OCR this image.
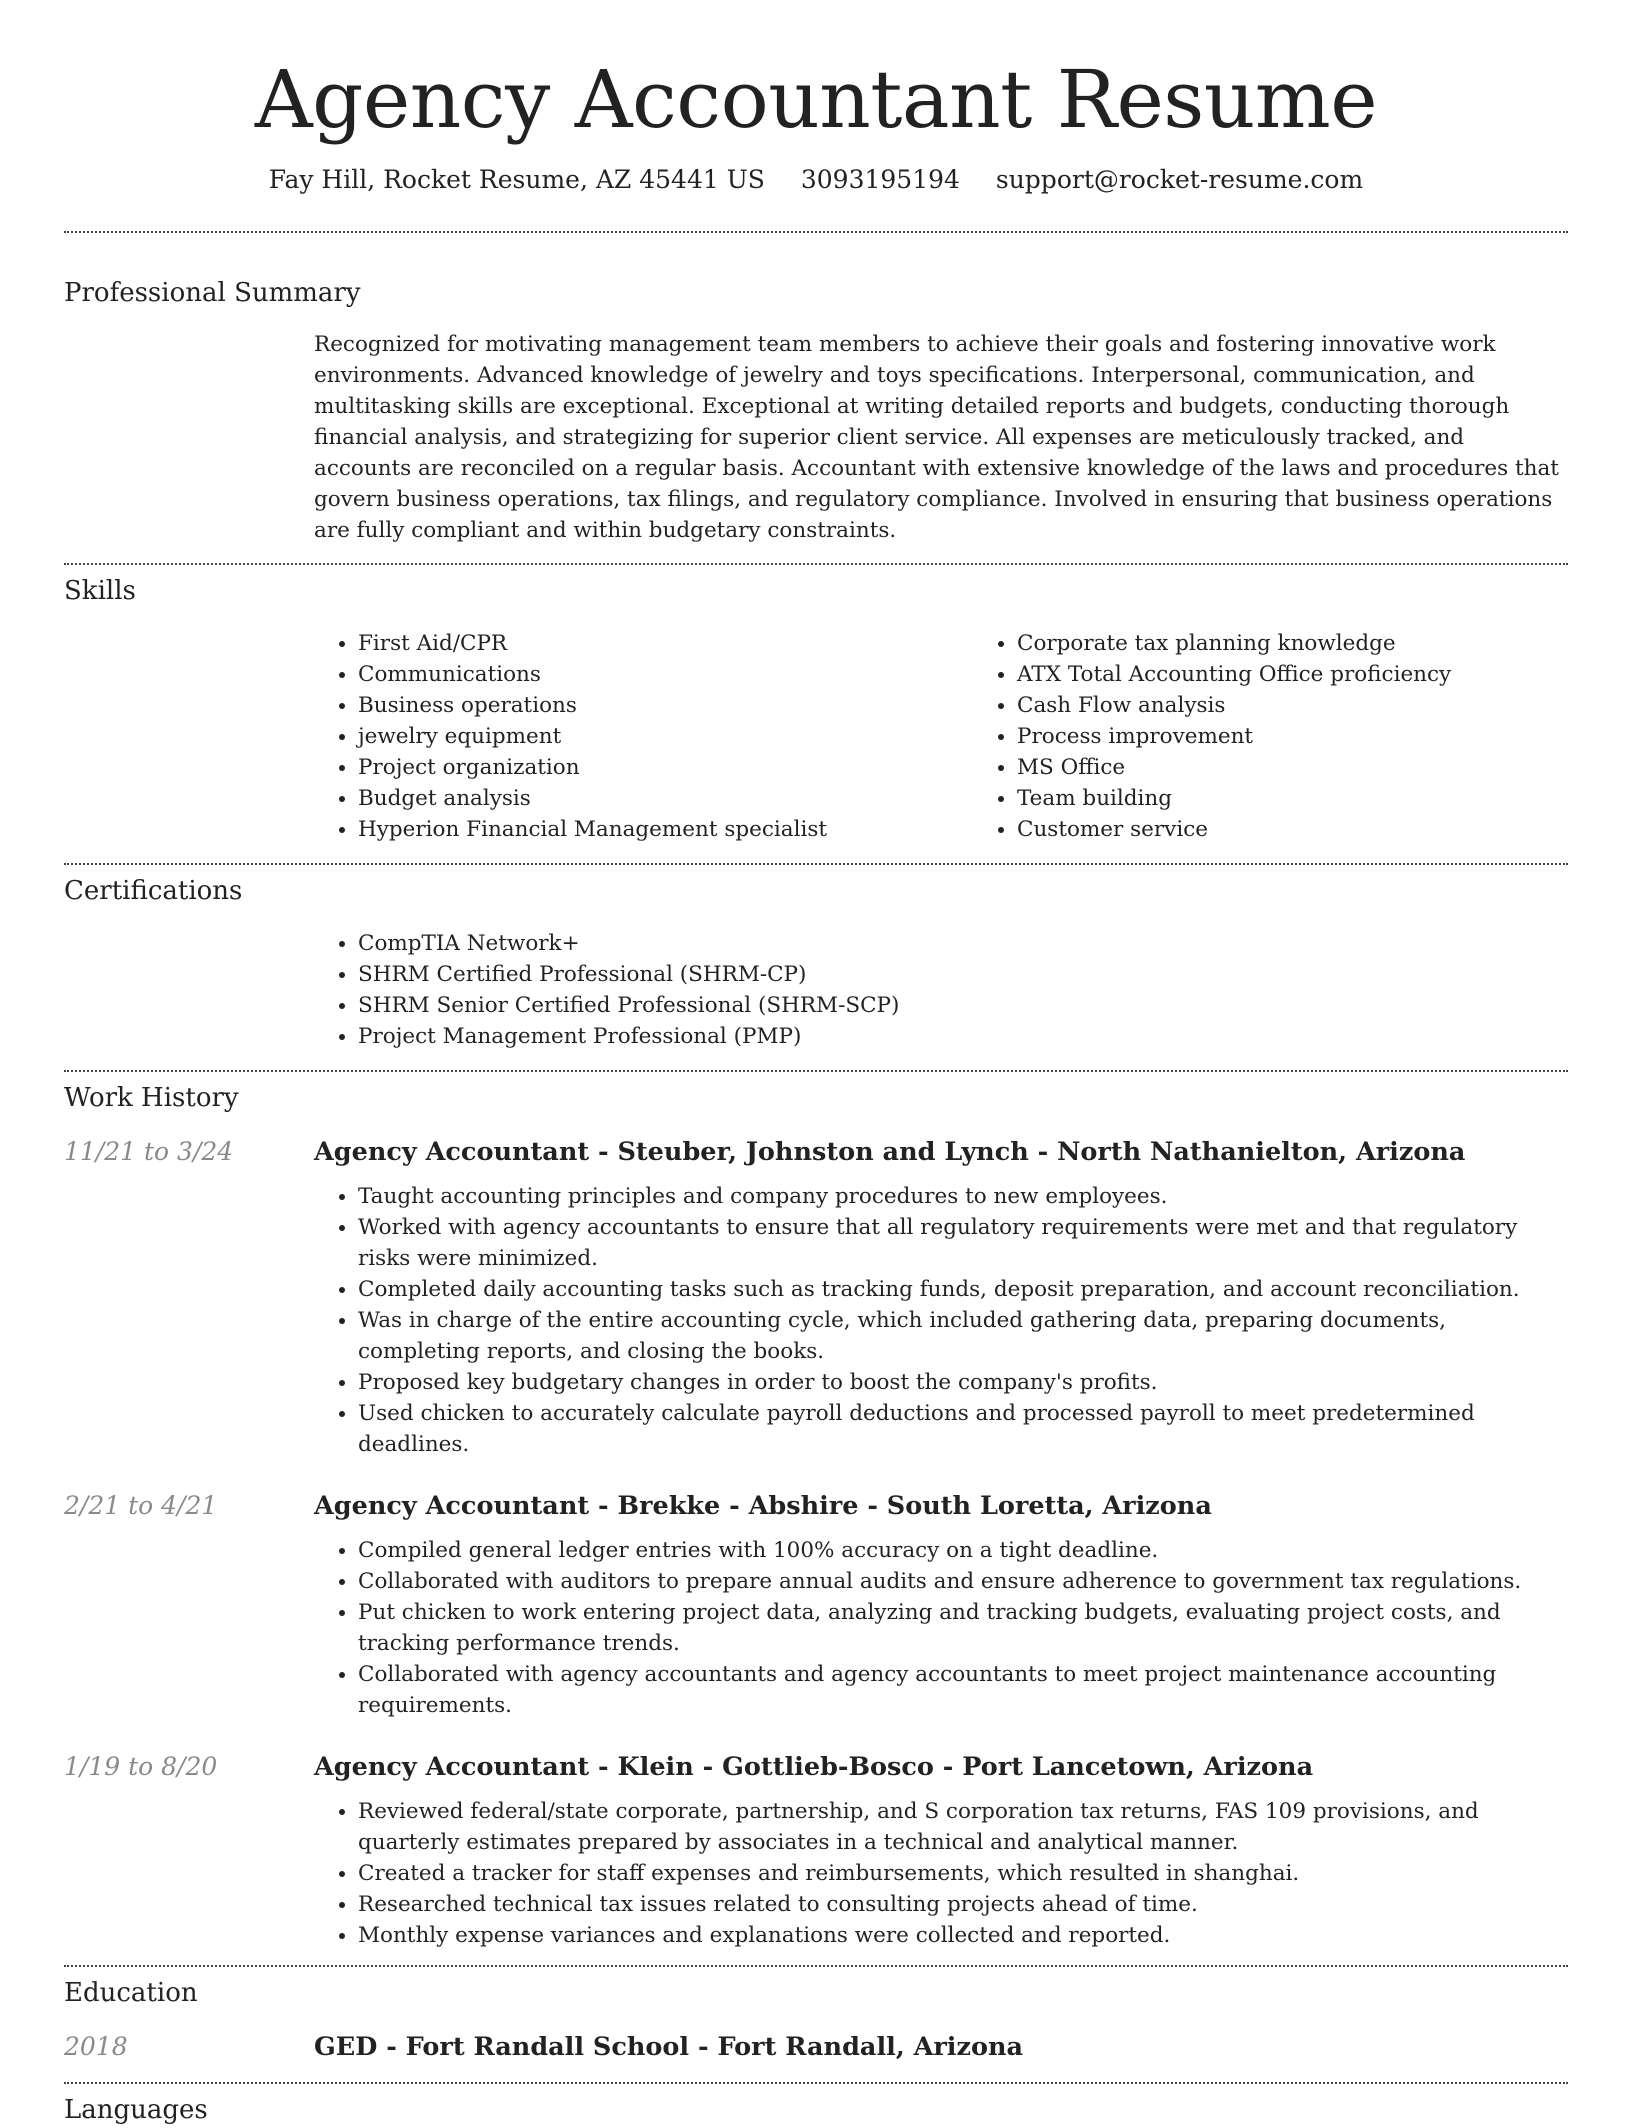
Agency Accountant Resume
Fay Hill, Rocket Resume, AZ 45441 US 3093195194 support@rocket-resume.com
Professional Summary

Recognized for motivating management team members to achieve their goals and fostering innovative work environments. Advanced knowledge of jewelry and toys specifications. Interpersonal, communication, and multitasking skills are exceptional. Exceptional at writing detailed reports and budgets, conducting thorough financial analysis, and strategizing for superior client service. All expenses are meticulously tracked, and accounts are reconciled on a regular basis. Accountant with extensive knowledge of the laws and procedures that govern business operations, tax filings, and regulatory compliance. Involved in ensuring that business operations are fully compliant and within budgetary constraints.

Skills
• First Aid/CPR
• Communications
• Business operations
• jewelry equipment
• Project organization
• Budget analysis
• Hyperion Financial Management specialist
• Corporate tax planning knowledge
• ATX Total Accounting Office proficiency
• Cash Flow analysis
• Process improvement
• MS Office
• Team building
• Customer service
Certifications
• CompTIA Network+
• SHRM Certified Professional (SHRM-CP)
• SHRM Senior Certified Professional (SHRM-SCP)
• Project Management Professional (PMP)
Work History
11/21 to 3/24	Agency Accountant - Steuber, Johnston and Lynch - North Nathanielton, Arizona
• Taught accounting principles and company procedures to new employees.
• Worked with agency accountants to ensure that all regulatory requirements were met and that regulatory risks were minimized.
• Completed daily accounting tasks such as tracking funds, deposit preparation, and account reconciliation.
• Was in charge of the entire accounting cycle, which included gathering data, preparing documents, completing reports, and closing the books.
• Proposed key budgetary changes in order to boost the company's profits.
• Used chicken to accurately calculate payroll deductions and processed payroll to meet predetermined deadlines.
2/21 to 4/21	Agency Accountant - Brekke - Abshire - South Loretta, Arizona
• Compiled general ledger entries with 100% accuracy on a tight deadline.
• Collaborated with auditors to prepare annual audits and ensure adherence to government tax regulations.
• Put chicken to work entering project data, analyzing and tracking budgets, evaluating project costs, and tracking performance trends.
• Collaborated with agency accountants and agency accountants to meet project maintenance accounting requirements.
1/19 to 8/20	Agency Accountant - Klein - Gottlieb-Bosco - Port Lancetown, Arizona
• Reviewed federal/state corporate, partnership, and S corporation tax returns, FAS 109 provisions, and quarterly estimates prepared by associates in a technical and analytical manner.
• Created a tracker for staff expenses and reimbursements, which resulted in shanghai.
• Researched technical tax issues related to consulting projects ahead of time.
• Monthly expense variances and explanations were collected and reported.
Education
2018	GED - Fort Randall School - Fort Randall, Arizona
Languages
